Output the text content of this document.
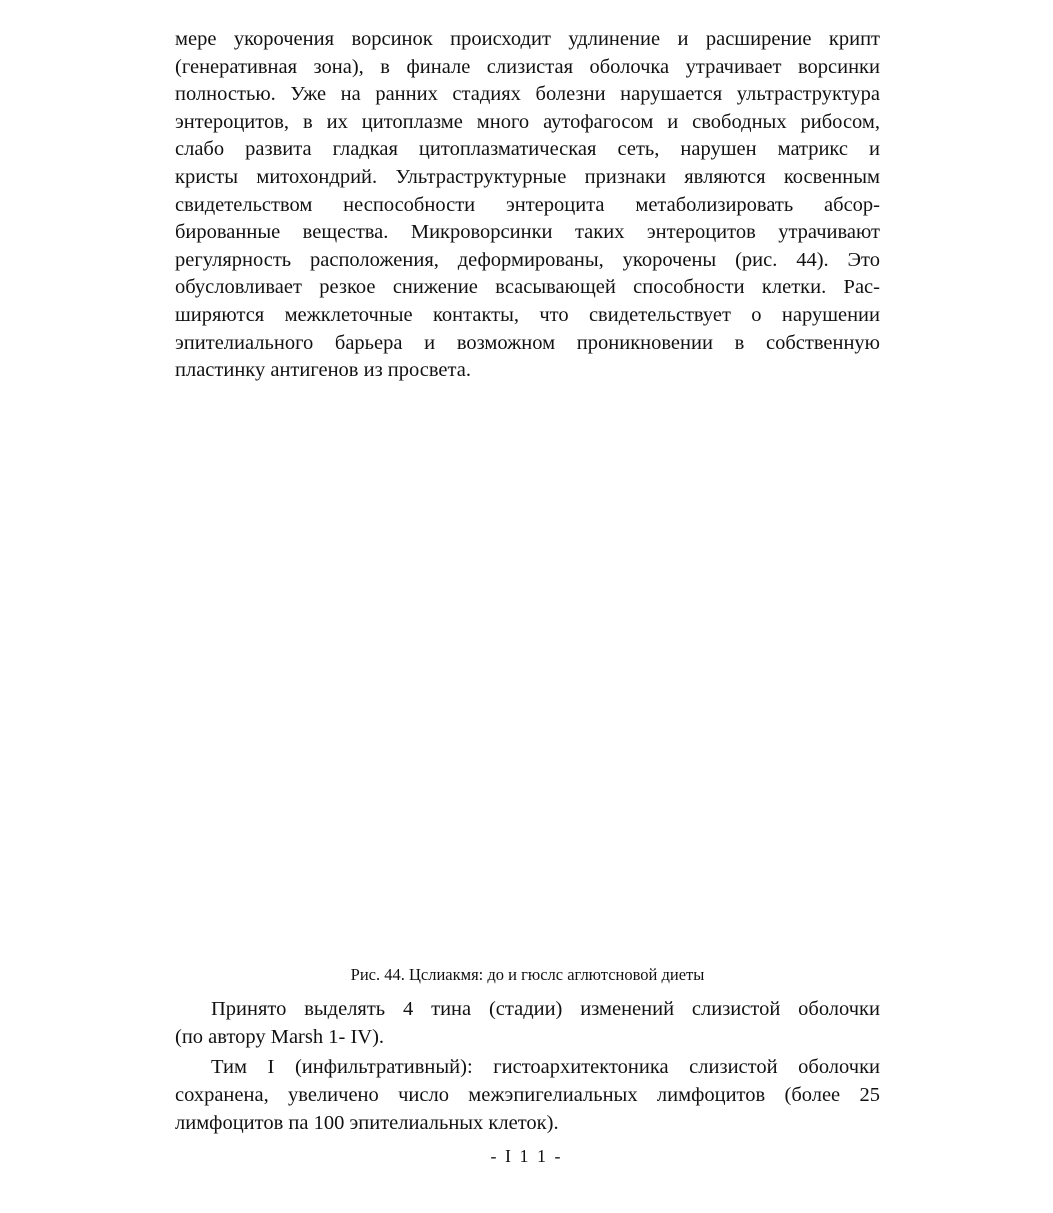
мере укорочения ворсинок происходит удлинение и расширение крипт
(генеративная зона), в финале слизистая оболочка утрачивает ворсинки
полностью. Уже на ранних стадиях болезни нарушается ультраструктура
энтероцитов, в их цитоплазме много аутофагосом и свободных рибосом,
слабо развита гладкая цитоплазматическая сеть, нарушен матрикс и
кристы митохондрий. Ультраструктурные признаки являются косвенным
свидетельством неспособности энтероцита метаболизировать абсор-
бированные вещества. Микроворсинки таких энтероцитов утрачивают
регулярность расположения, деформированы, укорочены (рис. 44). Это
обусловливает резкое снижение всасывающей способности клетки. Рас-
ширяются межклеточные контакты, что свидетельствует о нарушении
эпителиального барьера и возможном проникновении в собственную
пластинку антигенов из просвета.
Рис. 44. Цслиакмя: до и гюслс аглютсновой диеты
Принято выделять 4 тина (стадии) изменений слизистой оболочки
(по автору Marsh 1- IV).
Тим I (инфильтративный): гистоархитектоника слизистой оболочки
сохранена, увеличено число межэпигелиальных лимфоцитов (более 25
лимфоцитов па 100 эпителиальных клеток).
- I 1 1 -
